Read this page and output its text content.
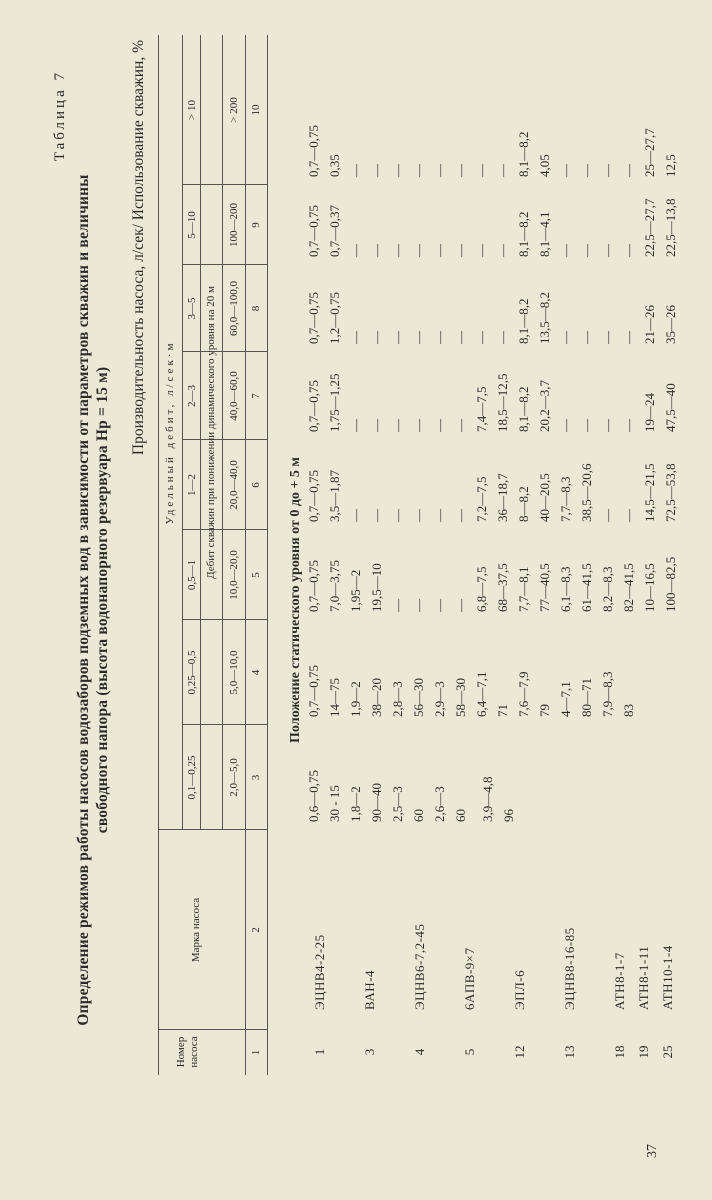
Таблица 7
Определение режимов работы насосов водозаборов подземных вод в зависимости от параметров скважин и величины свободного напора (высота водонапорного резервуара Нр = 15 м)
Производительность насоса, л/сек/ Использование скважин, %
Номер насоса
Марка насоса
Удельный дебит, л/сек·м	Дебит скважин при понижении динамического уровня на 20 м
Положение статического уровня от 0 до + 5 м
37
0,1—0,25
0,25—0,5
0,5—1
1—2
2—3
3—5
5—10
> 10
2,0—5,0
5,0—10,0
10,0—20,0
20,0—40,0
40,0—60,0
60,0—100,0
100—200
> 200
1
2
3
4
5
6
7
8
9
10
1
ЭЦНВ4-2-25
3
ВАН-4
4
ЭЦНВ6-7,2-45
5
6АПВ-9×7
12
ЭПЛ-6
13
ЭЦНВ8-16-85
18
АТН8-1-7
19
АТН8-1-11
25
АТН10-1-4
0,6—0,75 30 - 15 1,8—2 90—40 2,5—3 60 2,6—3 60
0,7—0,75 14—75 1,9—2 38—20 2,8—3 56—30 2,9—3 58—30 6,4—7,1 71 7,6—7,9 79 4—7,1 80—71 7,9—8,3 83
0,7—0,75 7,0—3,75 1,95—2 19,5—10 — — — — 6,8—7,5 68—37,5 7,7—8,1 77—40,5 6,1—8,3 61—41,5 8,2—8,3 82—41,5 10—16,5 100—82,5
0,7—0,75 3,5—1,87 — — — — — — 7,2—7,5 36—18,7 8—8,2 40—20,5 7,7—8,3 38,5—20,6 — — 14,5—21,5 72,5—53,8
0,7—0,75 1,75—1,25 — — — — — — 7,4—7,5 18,5—12,5 8,1—8,2 20,2—3,7 — — — — 19—24 47,5—40
0,7—0,75 1,2—0,75 — — — — — — — — 8,1—8,2 13,5—8,2 — — — — 21—26 35—26
0,7—0,75 0,7—0,37 — — — — — — — — 8,1—8,2 8,1—4,1 — — — — 22,5—27,7 22,5—13,8
0,7—0,75 0,35 — — — — — — — — 8,1—8,2 4,05 — — — — 25—27,7 12,5
3,9—4,8 96
